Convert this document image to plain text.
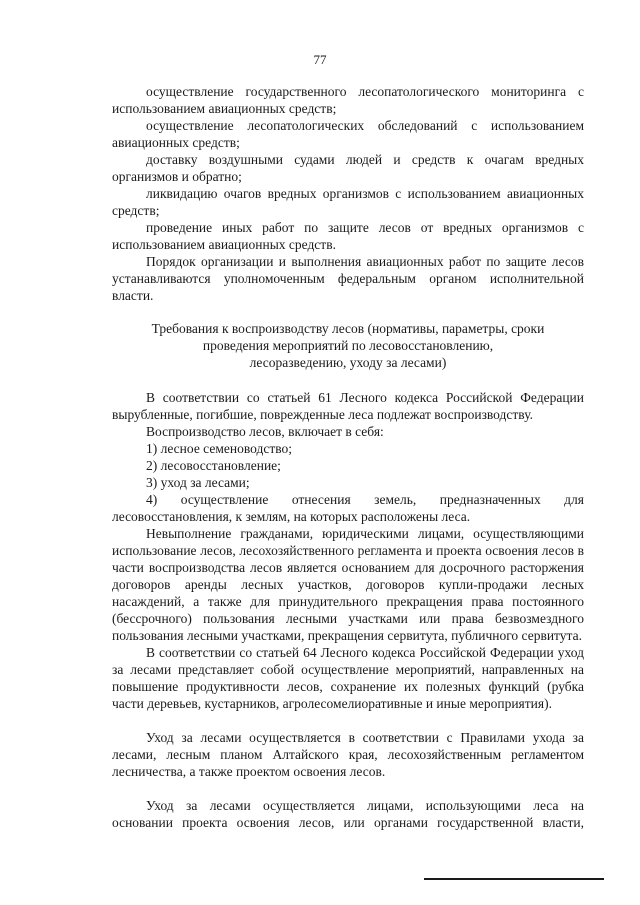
77

осуществление государственного лесопатологического мониторинга с использованием авиационных средств;

осуществление лесопатологических обследований с использованием авиационных средств;

доставку воздушными судами людей и средств к очагам вредных организмов и обратно;

ликвидацию очагов вредных организмов с использованием авиационных средств;

проведение иных работ по защите лесов от вредных организмов с использованием авиационных средств.

Порядок организации и выполнения авиационных работ по защите лесов устанавливаются уполномоченным федеральным органом исполнительной власти.

Требования к воспроизводству лесов (нормативы, параметры, сроки

проведения мероприятий по лесовосстановлению,

лесоразведению, уходу за лесами)

В соответствии со статьей 61 Лесного кодекса Российской Федерации вырубленные, погибшие, поврежденные леса подлежат воспроизводству.

Воспроизводство лесов, включает в себя:

1) лесное семеноводство;

2) лесовосстановление;

3) уход за лесами;

4) осуществление отнесения земель, предназначенных для лесовосстановления, к землям, на которых расположены леса.

Невыполнение гражданами, юридическими лицами, осуществляющими использование лесов, лесохозяйственного регламента и проекта освоения лесов в части воспроизводства лесов является основанием для досрочного расторжения договоров аренды лесных участков, договоров купли-продажи лесных насаждений, а также для принудительного прекращения права постоянного (бессрочного) пользования лесными участками или права безвозмездного пользования лесными участками, прекращения сервитута, публичного сервитута.

В соответствии со статьей 64 Лесного кодекса Российской Федерации уход за лесами представляет собой осуществление мероприятий, направленных на повышение продуктивности лесов, сохранение их полезных функций (рубка части деревьев, кустарников, агролесомелиоративные и иные мероприятия).

Уход за лесами осуществляется в соответствии с Правилами ухода за лесами, лесным планом Алтайского края, лесохозяйственным регламентом лесничества, а также проектом освоения лесов.

Уход за лесами осуществляется лицами, использующими леса на основании проекта освоения лесов, или органами государственной власти,
